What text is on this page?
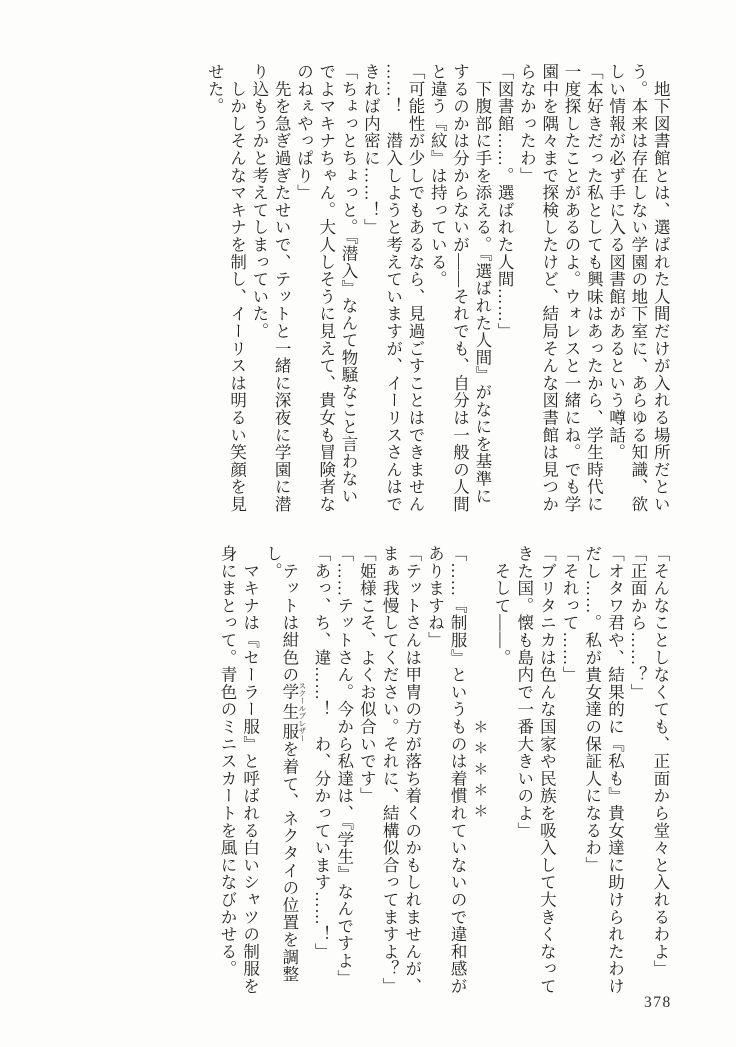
　地下図書館とは、選ばれた人間だけが入れる場所だとい

う。本来は存在しない学園の地下室に、あらゆる知識、欲

しい情報が必ず手に入る図書館があるという噂話。

「本好きだった私としても興味はあったから、学生時代に

一度探したことがあるのよ。ウォレスと一緒にね。でも学

園中を隅々まで探検したけど、結局そんな図書館は見つか

らなかったわ」

「図書館……。選ばれた人間……」

　下腹部に手を添える。『選ばれた人間』がなにを基準に

するのかは分からないが――それでも、自分は一般の人間

と違う『紋』は持っている。

「可能性が少しでもあるなら、見過ごすことはできません

……！　潜入しようと考えていますが、イーリスさんはで

きれば内密に……！」

「ちょっとちょっと。『潜入』なんて物騒なこと言わない

でよマキナちゃん。大人しそうに見えて、貴女も冒険者な

のねぇやっぱり」

　先を急ぎ過ぎたせいで、テットと一緒に深夜に学園に潜

り込もうかと考えてしまっていた。

　しかしそんなマキナを制し、イーリスは明るい笑顔を見

せた。

「そんなことしなくても、正面から堂々と入れるわよ」

「正面から……？」

「オタワ君や、結果的に『私も』貴女達に助けられたわけ

だし……。私が貴女達の保証人になるわ」

「それって……」

「ブリタニカは色んな国家や民族を吸入して大きくなって

きた国。懐も島内で一番大きいのよ」

　そして――。

＊＊＊＊＊

「……『制服』というものは着慣れていないので違和感が

ありますね」

「テットさんは甲冑の方が落ち着くのかもしれませんが、

まぁ我慢してください。それに、結構似合ってますよ？」

「姫様こそ、よくお似合いです」

「……テットさん。今から私達は、『学生』なんですよ」

「あっ、ち、違……！　わ、分かっています……！」

　テットは紺色の学生服 スクールブレザーを着て、ネクタイの位置を調整し。

　マキナは『セーラー服』と呼ばれる白いシャツの制服を

身にまとって。青色のミニスカートを風になびかせる。

378
